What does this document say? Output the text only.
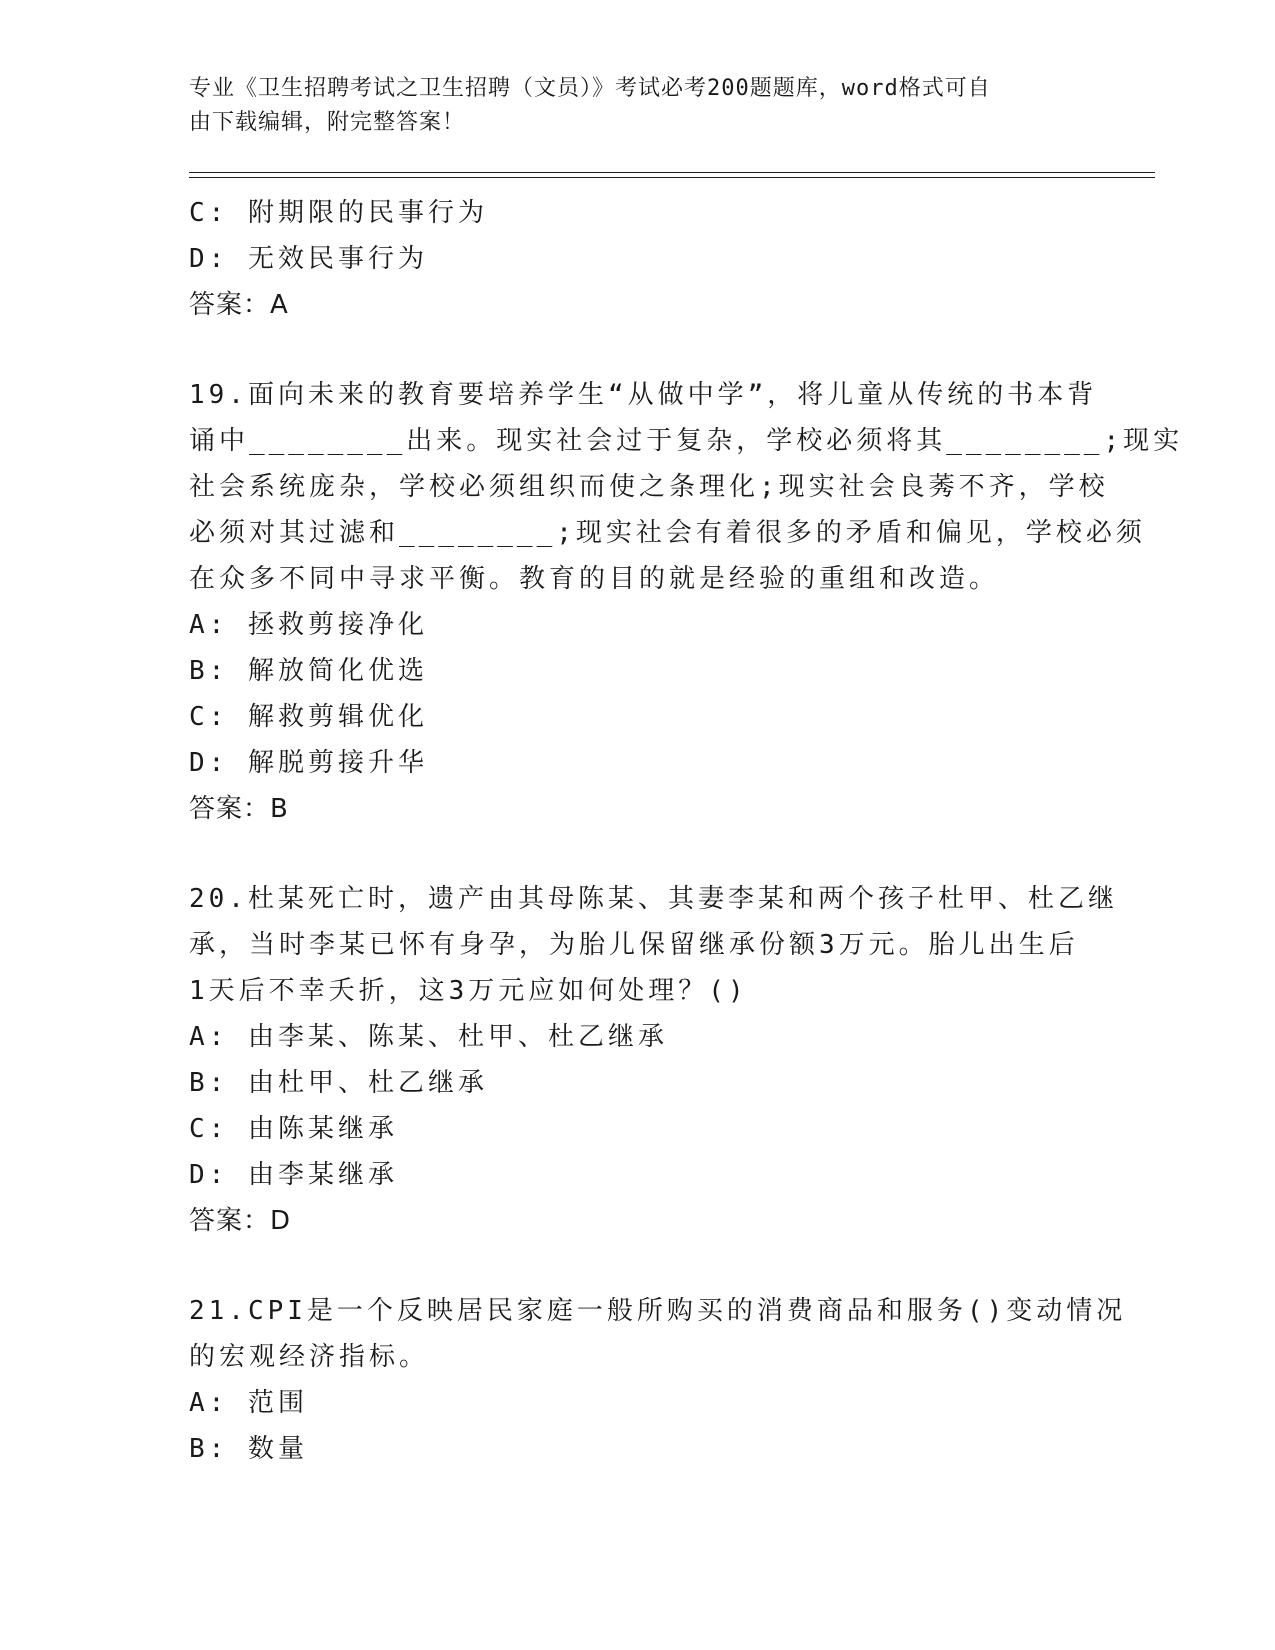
专业《卫生招聘考试之卫生招聘（文员）》考试必考200题题库，word格式可自
由下载编辑，附完整答案！
C: 附期限的民事行为
D: 无效民事行为
答案：A
19.面向未来的教育要培养学生“从做中学”，将儿童从传统的书本背
诵中________出来。现实社会过于复杂，学校必须将其________;现实
社会系统庞杂，学校必须组织而使之条理化;现实社会良莠不齐，学校
必须对其过滤和________;现实社会有着很多的矛盾和偏见，学校必须
在众多不同中寻求平衡。教育的目的就是经验的重组和改造。
A: 拯救剪接净化
B: 解放简化优选
C: 解救剪辑优化
D: 解脱剪接升华
答案：B
20.杜某死亡时，遗产由其母陈某、其妻李某和两个孩子杜甲、杜乙继
承，当时李某已怀有身孕，为胎儿保留继承份额3万元。胎儿出生后
1天后不幸夭折，这3万元应如何处理？()
A: 由李某、陈某、杜甲、杜乙继承
B: 由杜甲、杜乙继承
C: 由陈某继承
D: 由李某继承
答案：D
21.CPI是一个反映居民家庭一般所购买的消费商品和服务()变动情况
的宏观经济指标。
A: 范围
B: 数量
